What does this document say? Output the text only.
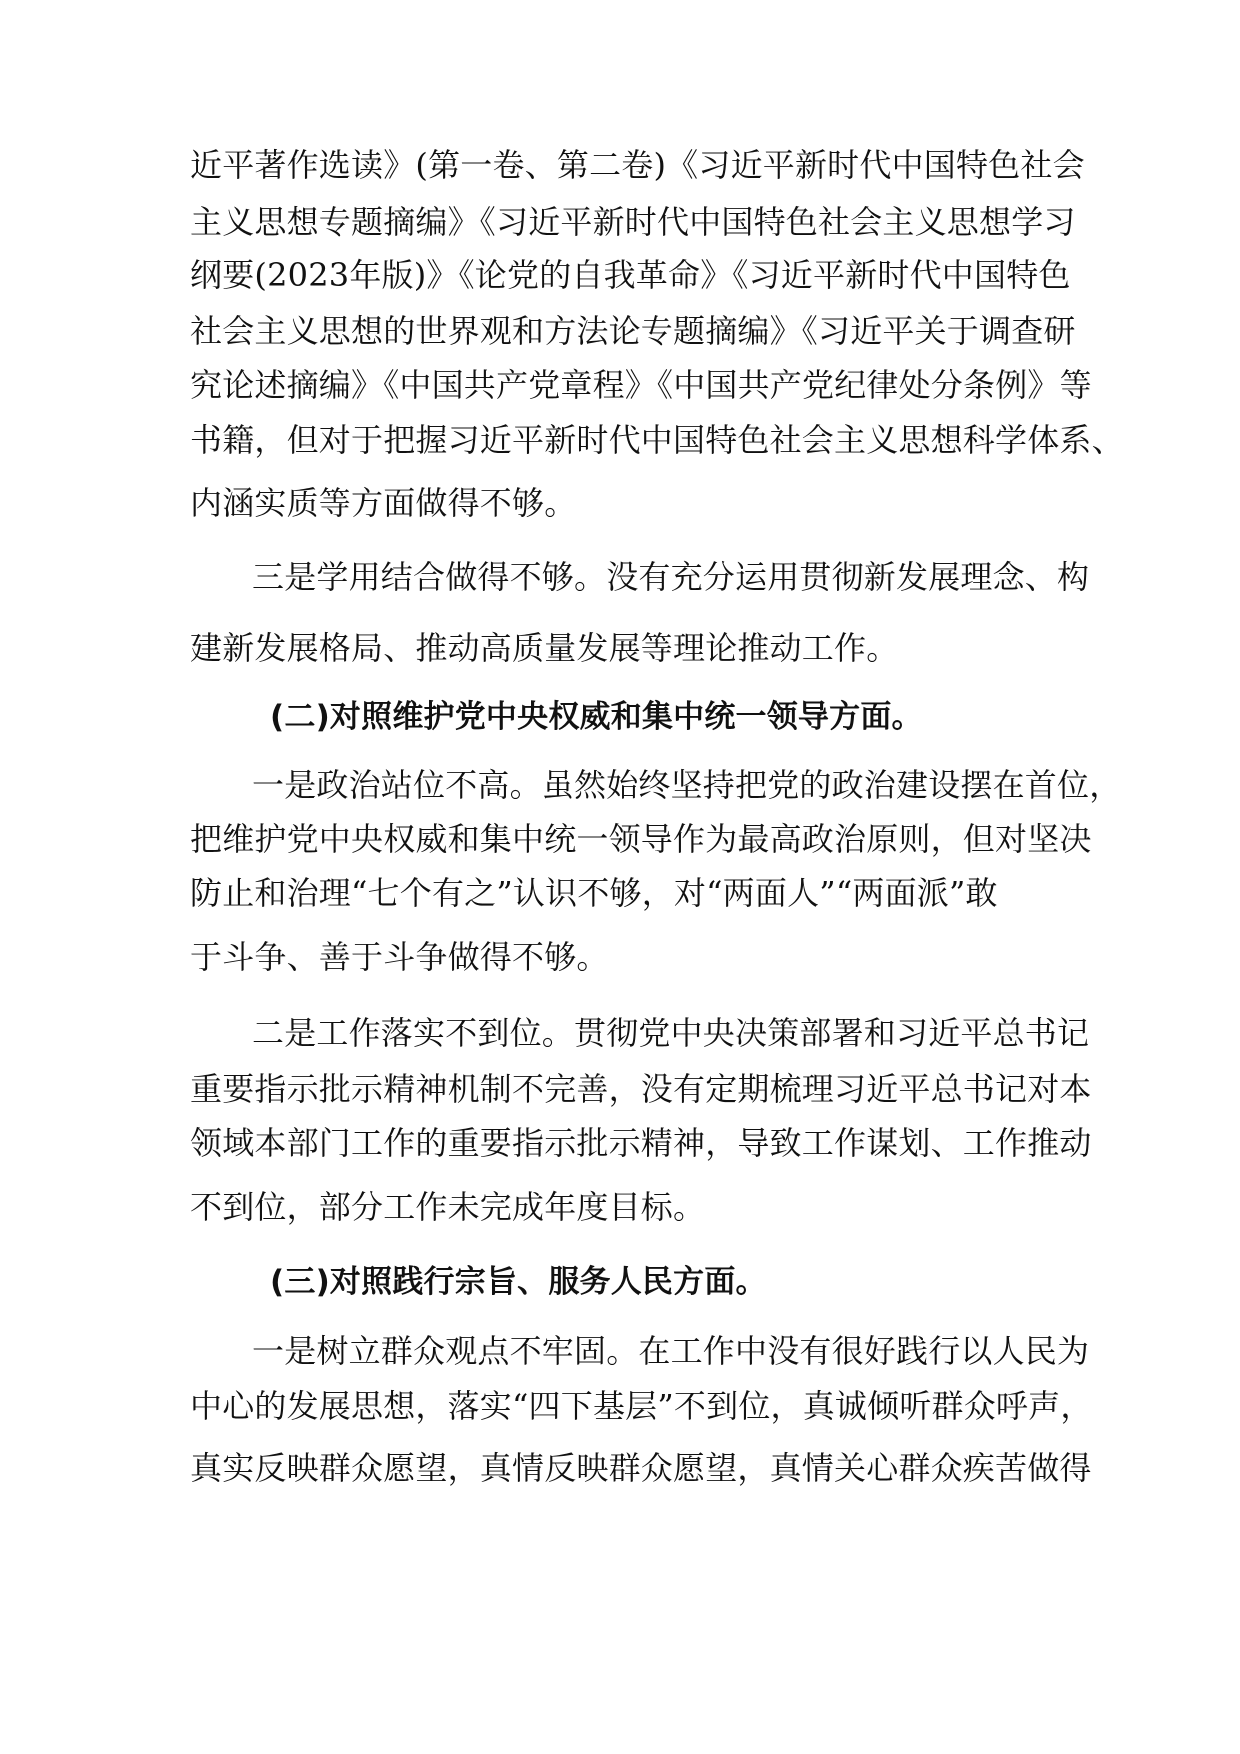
近平著作选读》(第一卷、第二卷)《习近平新时代中国特色社会
主义思想专题摘编》《习近平新时代中国特色社会主义思想学习
纲要(2023年版)》《论党的自我革命》《习近平新时代中国特色
社会主义思想的世界观和方法论专题摘编》《习近平关于调查研
究论述摘编》《中国共产党章程》《中国共产党纪律处分条例》等
书籍，但对于把握习近平新时代中国特色社会主义思想科学体系、
内涵实质等方面做得不够。
三是学用结合做得不够。没有充分运用贯彻新发展理念、构
建新发展格局、推动高质量发展等理论推动工作。
(二)对照维护党中央权威和集中统一领导方面。
一是政治站位不高。虽然始终坚持把党的政治建设摆在首位，
把维护党中央权威和集中统一领导作为最高政治原则，但对坚决
防止和治理“七个有之”认识不够，对“两面人”“两面派”敢
于斗争、善于斗争做得不够。
二是工作落实不到位。贯彻党中央决策部署和习近平总书记
重要指示批示精神机制不完善，没有定期梳理习近平总书记对本
领域本部门工作的重要指示批示精神，导致工作谋划、工作推动
不到位，部分工作未完成年度目标。
(三)对照践行宗旨、服务人民方面。
一是树立群众观点不牢固。在工作中没有很好践行以人民为
中心的发展思想，落实“四下基层”不到位，真诚倾听群众呼声，
真实反映群众愿望，真情反映群众愿望，真情关心群众疾苦做得
